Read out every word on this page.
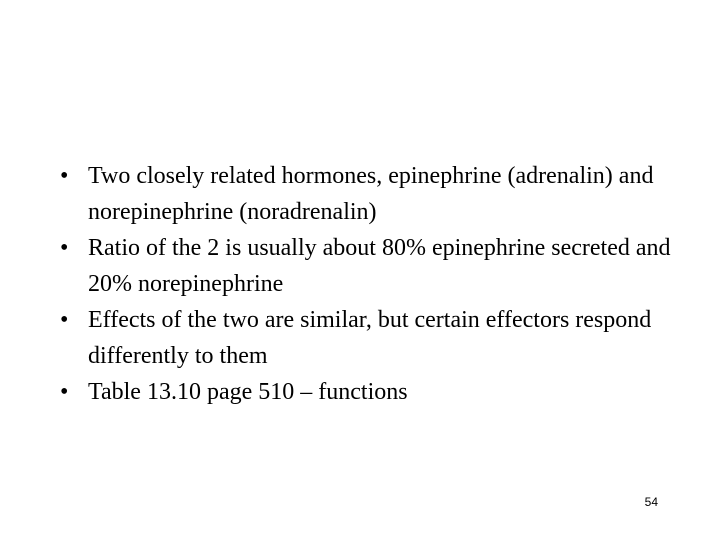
• Two closely related hormones, epinephrine (adrenalin) and norepinephrine (noradrenalin)
• Ratio of the 2 is usually about 80% epinephrine secreted and 20% norepinephrine
• Effects of the two are similar, but certain effectors respond differently to them
• Table 13.10 page 510 – functions
54
